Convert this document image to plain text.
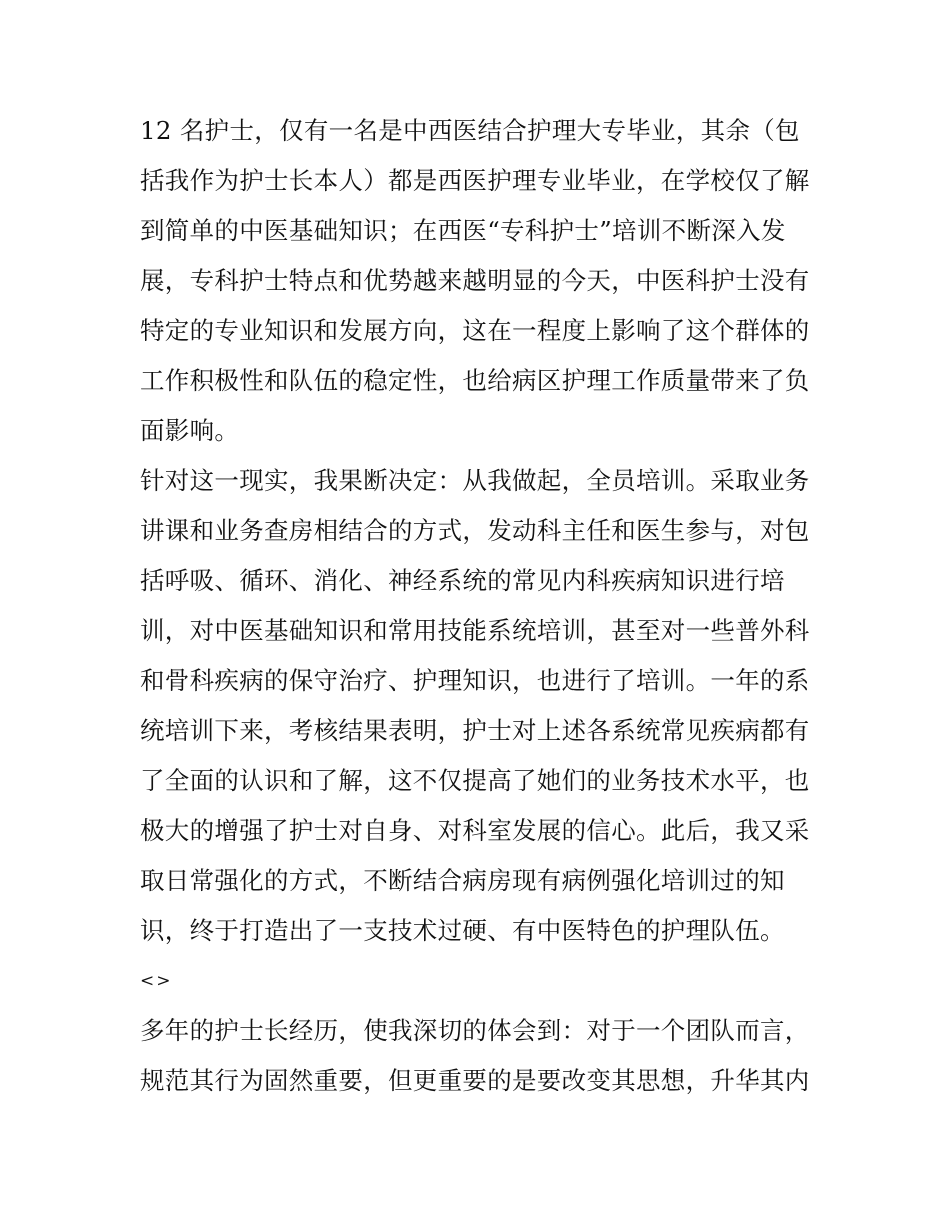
12 名护士，仅有一名是中西医结合护理大专毕业，其余（包
括我作为护士长本人）都是西医护理专业毕业，在学校仅了解
到简单的中医基础知识；在西医“专科护士”培训不断深入发
展，专科护士特点和优势越来越明显的今天，中医科护士没有
特定的专业知识和发展方向，这在一程度上影响了这个群体的
工作积极性和队伍的稳定性，也给病区护理工作质量带来了负
面影响。
针对这一现实，我果断决定：从我做起，全员培训。采取业务
讲课和业务查房相结合的方式，发动科主任和医生参与，对包
括呼吸、循环、消化、神经系统的常见内科疾病知识进行培
训，对中医基础知识和常用技能系统培训，甚至对一些普外科
和骨科疾病的保守治疗、护理知识，也进行了培训。一年的系
统培训下来，考核结果表明，护士对上述各系统常见疾病都有
了全面的认识和了解，这不仅提高了她们的业务技术水平，也
极大的增强了护士对自身、对科室发展的信心。此后，我又采
取日常强化的方式，不断结合病房现有病例强化培训过的知
识，终于打造出了一支技术过硬、有中医特色的护理队伍。
<>
多年的护士长经历，使我深切的体会到：对于一个团队而言，
规范其行为固然重要，但更重要的是要改变其思想，升华其内
